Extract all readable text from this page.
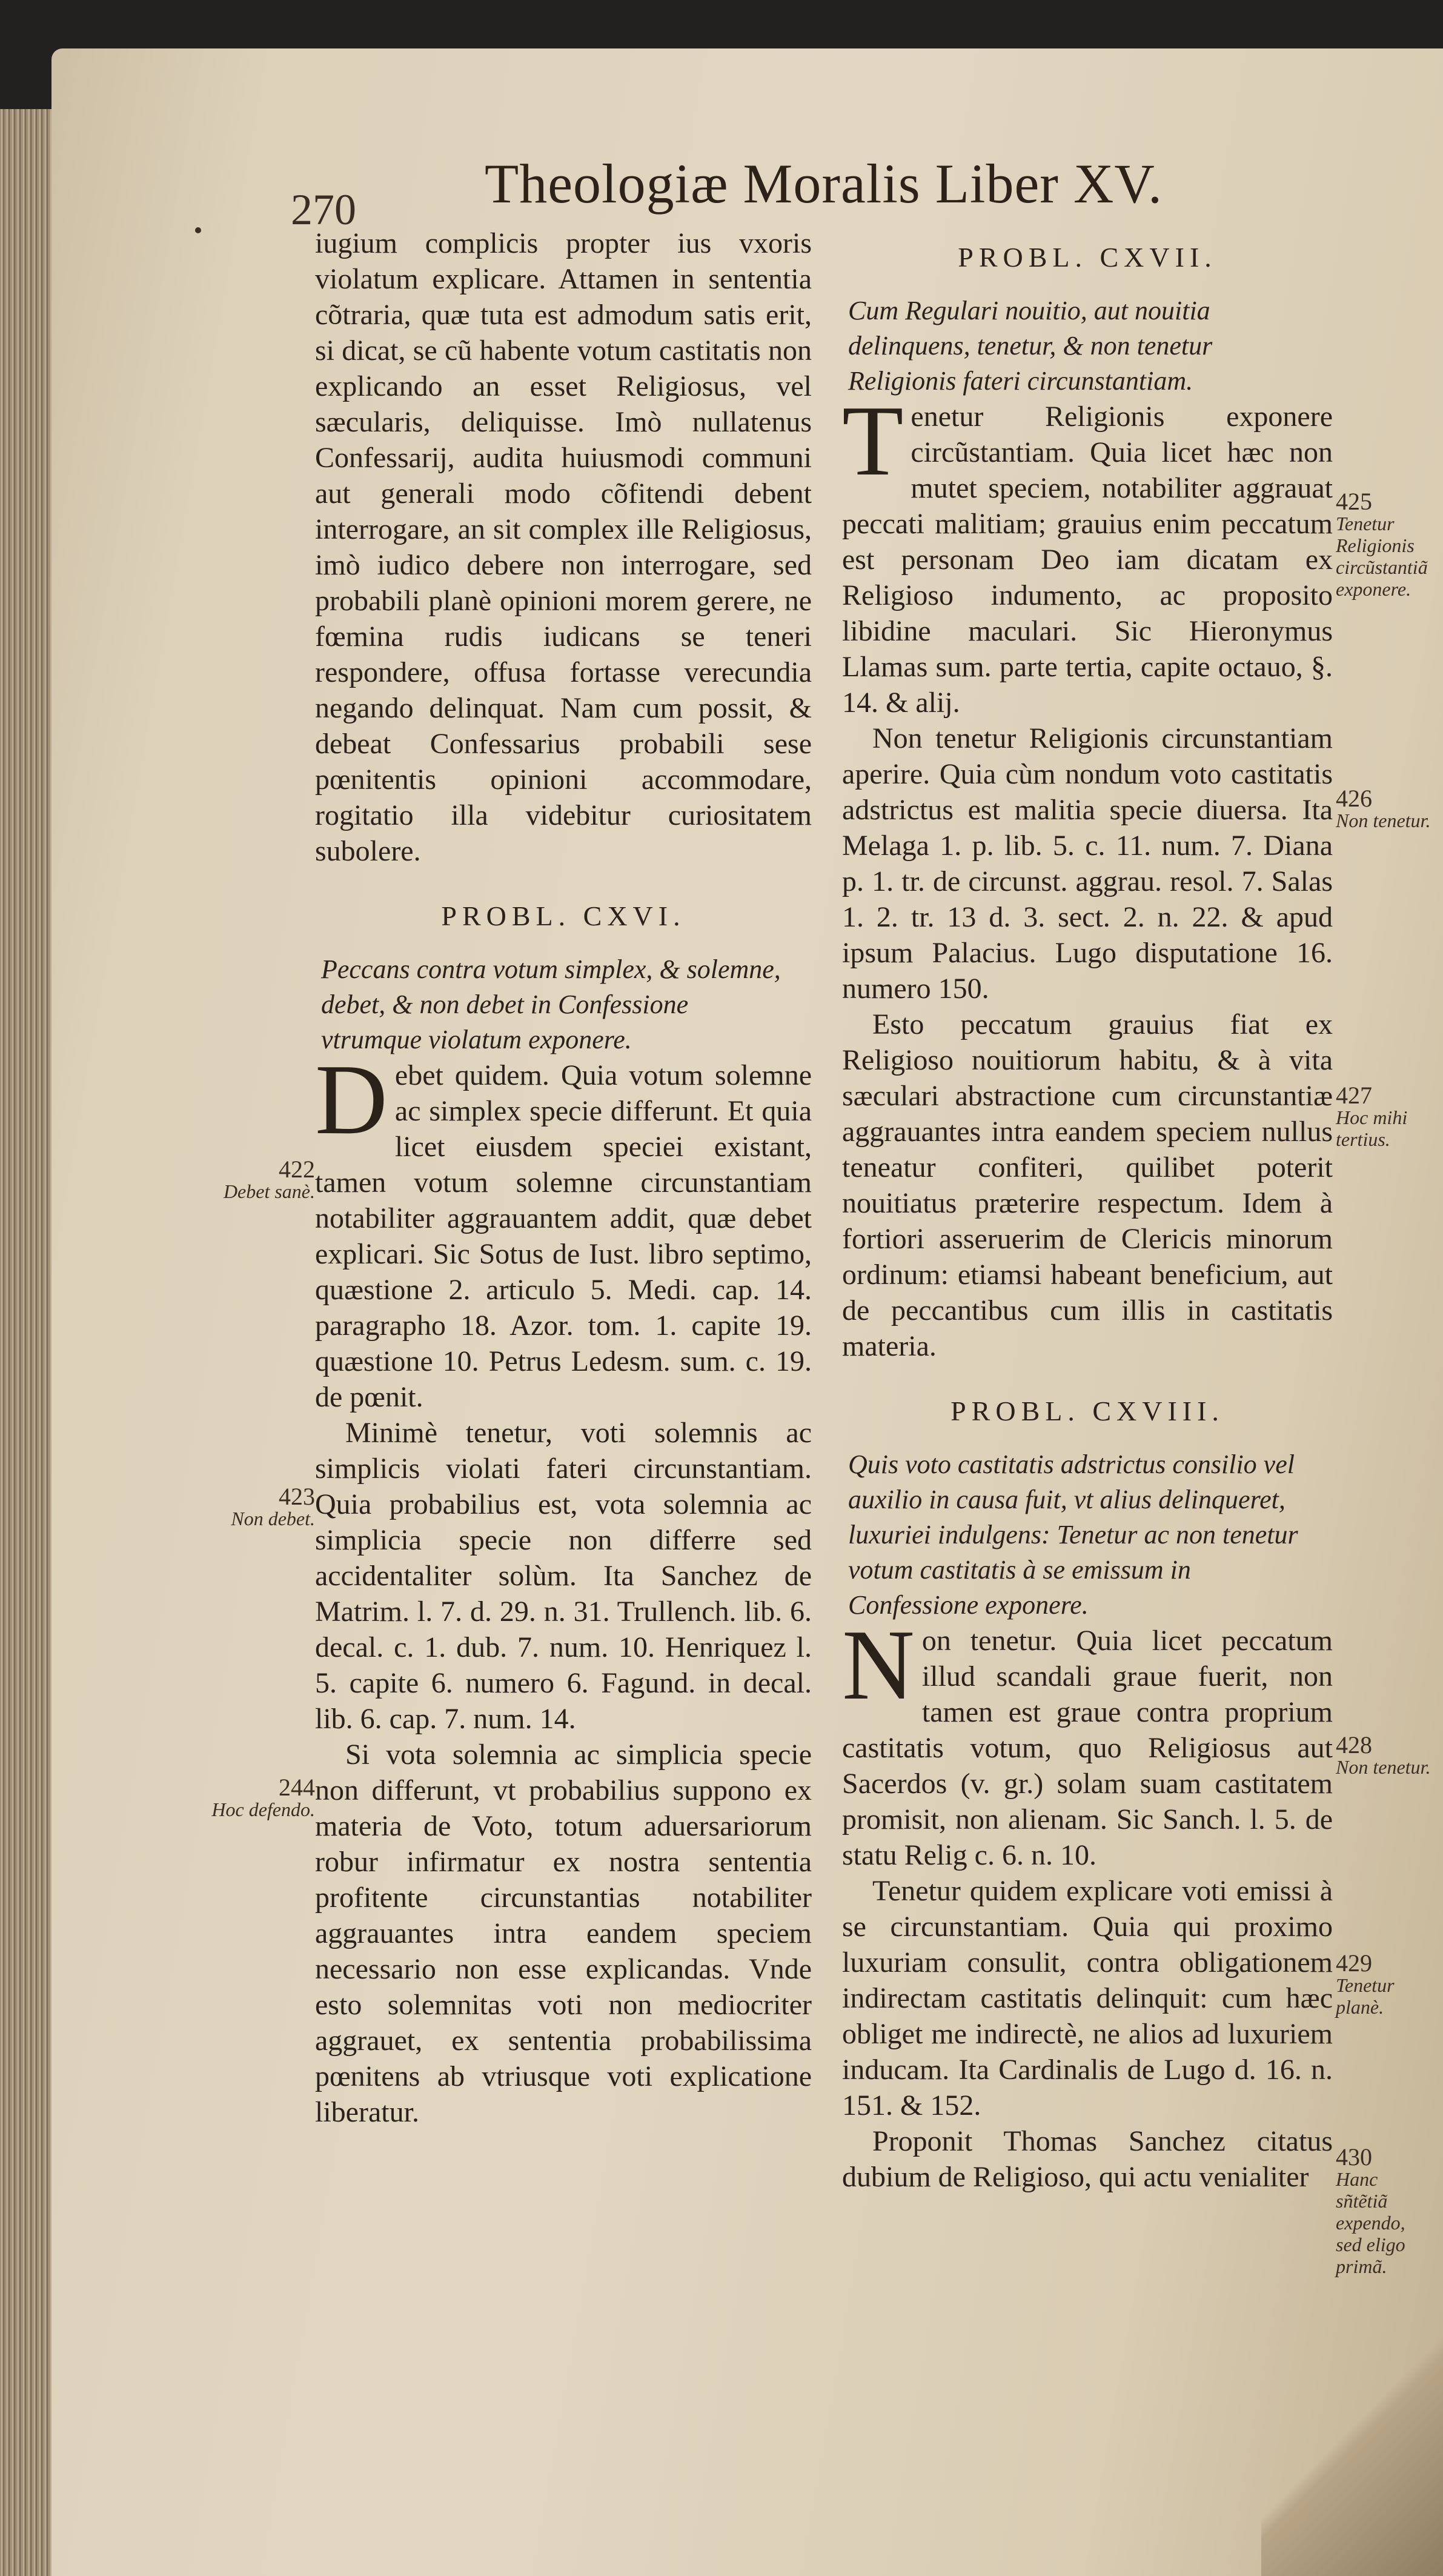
270 Theologiæ Moralis Liber XV.

iugium complicis propter ius vxoris violatum explicare. Attamen in sententia cõtraria, quæ tuta est admodum satis erit, si dicat, se cũ habente votum castitatis non explicando an esset Religiosus, vel sæcularis, deliquisse. Imò nullatenus Confessarij, audita huiusmodi communi aut generali modo cõfitendi debent interrogare, an sit complex ille Religiosus, imò iudico debere non interrogare, sed probabili planè opinioni morem gerere, ne fœmina rudis iudicans se teneri respondere, offusa fortasse verecundia negando delinquat. Nam cum possit, & debeat Confessarius probabili sese pœnitentis opinioni accommodare, rogitatio illa videbitur curiositatem subolere.

PROBL. CXVI.

Peccans contra votum simplex, & solemne, debet, & non debet in Confessione vtrumque violatum exponere.

Debet quidem. Quia votum solemne ac simplex specie differunt. Et quia licet eiusdem speciei existant, tamen votum solemne circunstantiam notabiliter aggrauantem addit, quæ debet explicari. Sic Sotus de Iust. libro septimo, quæstione 2. articulo 5. Medi. cap. 14. paragrapho 18. Azor. tom. 1. capite 19. quæstione 10. Petrus Ledesm. sum. c. 19. de pœnit.

Minimè tenetur, voti solemnis ac simplicis violati fateri circunstantiam. Quia probabilius est, vota solemnia ac simplicia specie non differre sed accidentaliter solùm. Ita Sanchez de Matrim. l. 7. d. 29. n. 31. Trullench. lib. 6. decal. c. 1. dub. 7. num. 10. Henriquez l. 5. capite 6. numero 6. Fagund. in decal. lib. 6. cap. 7. num. 14.

Si vota solemnia ac simplicia specie non differunt, vt probabilius suppono ex materia de Voto, totum aduersariorum robur infirmatur ex nostra sententia profitente circunstantias notabiliter aggrauantes intra eandem speciem necessario non esse explicandas. Vnde esto solemnitas voti non mediocriter aggrauet, ex sententia probabilissima pœnitens ab vtriusque voti explicatione liberatur.

422
Debet sanè.
423
Non debet.
244
Hoc defendo.
PROBL. CXVII.

Cum Regulari nouitio, aut nouitia delinquens, tenetur, & non tenetur Religionis fateri circunstantiam.

Tenetur Religionis exponere circũstantiam. Quia licet hæc non mutet speciem, notabiliter aggrauat peccati malitiam; grauius enim peccatum est personam Deo iam dicatam ex Religioso indumento, ac proposito libidine maculari. Sic Hieronymus Llamas sum. parte tertia, capite octauo, §. 14. & alij.

Non tenetur Religionis circunstantiam aperire. Quia cùm nondum voto castitatis adstrictus est malitia specie diuersa. Ita Melaga 1. p. lib. 5. c. 11. num. 7. Diana p. 1. tr. de circunst. aggrau. resol. 7. Salas 1. 2. tr. 13 d. 3. sect. 2. n. 22. & apud ipsum Palacius. Lugo disputatione 16. numero 150.

Esto peccatum grauius fiat ex Religioso nouitiorum habitu, & à vita sæculari abstractione cum circunstantiæ aggrauantes intra eandem speciem nullus teneatur confiteri, quilibet poterit nouitiatus præterire respectum. Idem à fortiori asseruerim de Clericis minorum ordinum: etiamsi habeant beneficium, aut de peccantibus cum illis in castitatis materia.

PROBL. CXVIII.

Quis voto castitatis adstrictus consilio vel auxilio in causa fuit, vt alius delinqueret, luxuriei indulgens: Tenetur ac non tenetur votum castitatis à se emissum in Confessione exponere.

Non tenetur. Quia licet peccatum illud scandali graue fuerit, non tamen est graue contra proprium castitatis votum, quo Religiosus aut Sacerdos (v. gr.) solam suam castitatem promisit, non alienam. Sic Sanch. l. 5. de statu Relig c. 6. n. 10.

Tenetur quidem explicare voti emissi à se circunstantiam. Quia qui proximo luxuriam consulit, contra obligationem indirectam castitatis delinquit: cum hæc obliget me indirectè, ne alios ad luxuriem inducam. Ita Cardinalis de Lugo d. 16. n. 151. & 152.

Proponit Thomas Sanchez citatus dubium de Religioso, qui actu venialiter

425
Tenetur Religionis circũstantiã exponere.
426
Non tenetur.
427
Hoc mihi tertius.
428
Non tenetur.
429
Tenetur planè.
430
Hanc sñtẽtiã expendo, sed eligo primã.
